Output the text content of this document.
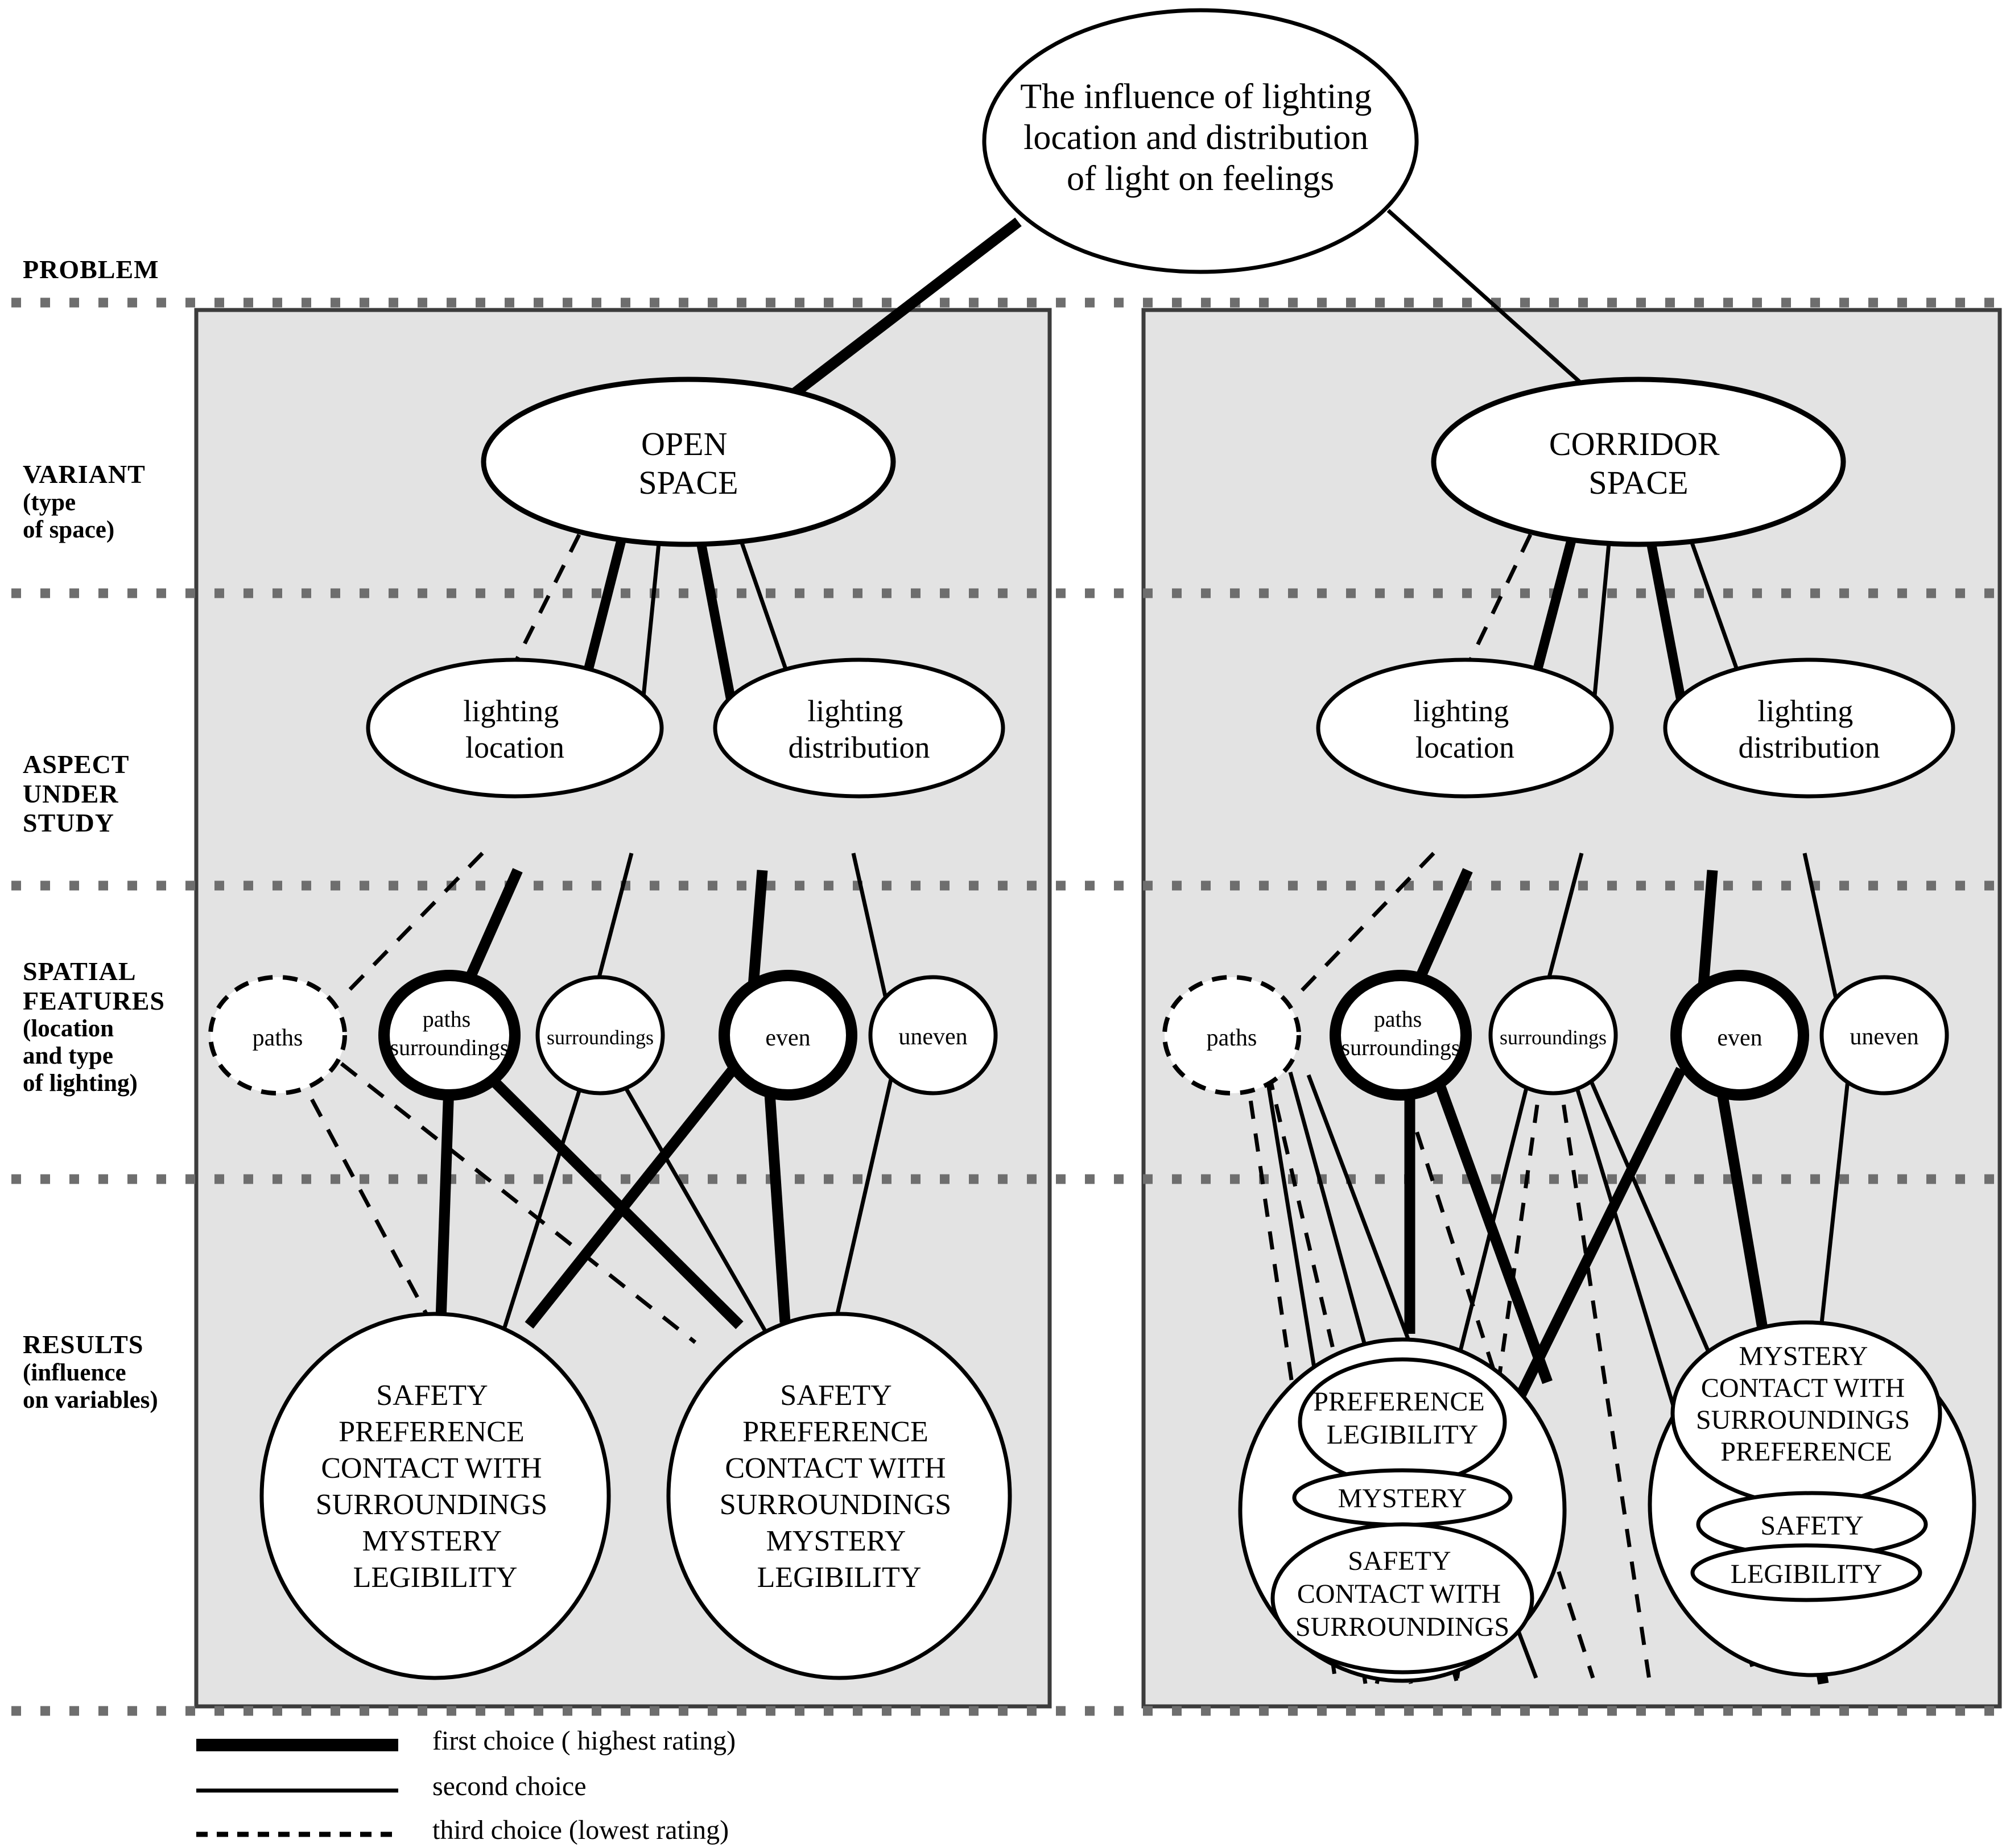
The influence of lighting location and distribution of light on feelings
OPEN SPACE
lighting location
lighting distribution
paths
paths surroundings surroundings	even	uneven
SAFETY PREFERENCE CONTACT WITH SURROUNDINGS MYSTERY LEGIBILITY
SAFETY PREFERENCE CONTACT WITH SURROUNDINGS MYSTERY LEGIBILITY
CORRIDOR SPACE
lighting location
lighting distribution
paths
paths surroundings surroundings	even	uneven
PREFERENCE LEGIBILITY
MYSTERY
SAFETY CONTACT WITH SURROUNDINGS
MYSTERY CONTACT WITH SURROUNDINGS PREFERENCE
SAFETY
LEGIBILITY
PROBLEM
VARIANT
(type
of space)
ASPECT
UNDER
STUDY
SPATIAL
FEATURES
(location
and type
of lighting)
RESULTS
(influence
on variables)
first choice ( highest rating)
second choice
third choice (lowest rating)
